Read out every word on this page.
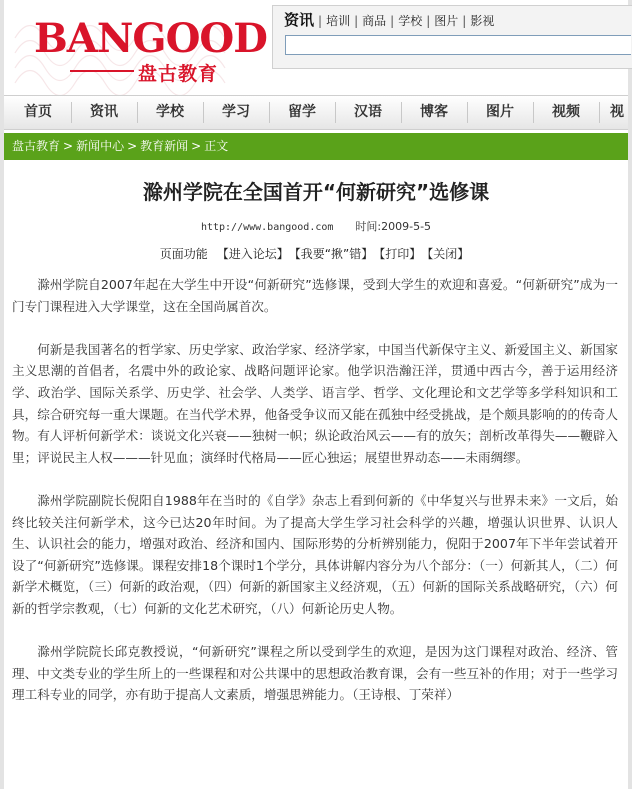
BANGOOD
盘古教育
资讯 | 培训 | 商品 | 学校 | 图片 | 影视
首页	资讯	学校	学习	留学	汉语	博客	图片	视频	视
盘古教育 > 新闻中心 > 教育新闻 > 正文
滁州学院在全国首开“何新研究”选修课
http://www.bangood.com 时间:2009-5-5
页面功能 【进入论坛】 【我要“揪”错】 【打印】 【关闭】

滁州学院自2007年起在大学生中开设“何新研究”选修课，受到大学生的欢迎和喜爱。“何新研究”成为一门专门课程进入大学课堂，这在全国尚属首次。

何新是我国著名的哲学家、历史学家、政治学家、经济学家，中国当代新保守主义、新爱国主义、新国家主义思潮的首倡者，名震中外的政论家、战略问题评论家。他学识浩瀚汪洋，贯通中西古今，善于运用经济学、政治学、国际关系学、历史学、社会学、人类学、语言学、哲学、文化理论和文艺学等多学科知识和工具，综合研究每一重大课题。在当代学术界，他备受争议而又能在孤独中经受挑战，是个颇具影响的的传奇人物。有人评析何新学术：谈说文化兴衰——独树一帜；纵论政治风云——有的放矢；剖析改革得失——鞭辟入里；评说民主人权———针见血；演绎时代格局——匠心独运；展望世界动态——未雨绸缪。

滁州学院副院长倪阳自1988年在当时的《自学》杂志上看到何新的《中华复兴与世界未来》一文后，始终比较关注何新学术，这今已达20年时间。为了提高大学生学习社会科学的兴趣，增强认识世界、认识人生、认识社会的能力，增强对政治、经济和国内、国际形势的分析辨别能力，倪阳于2007年下半年尝试着开设了“何新研究”选修课。课程安排18个课时1个学分，具体讲解内容分为八个部分：（一）何新其人，（二）何新学术概览，（三）何新的政治观，（四）何新的新国家主义经济观，（五）何新的国际关系战略研究，（六）何新的哲学宗教观，（七）何新的文化艺术研究，（八）何新论历史人物。

滁州学院院长邱克教授说，“何新研究”课程之所以受到学生的欢迎，是因为这门课程对政治、经济、管理、中文类专业的学生所上的一些课程和对公共课中的思想政治教育课，会有一些互补的作用；对于一些学习理工科专业的同学，亦有助于提高人文素质，增强思辨能力。（王诗根、丁荣祥）
